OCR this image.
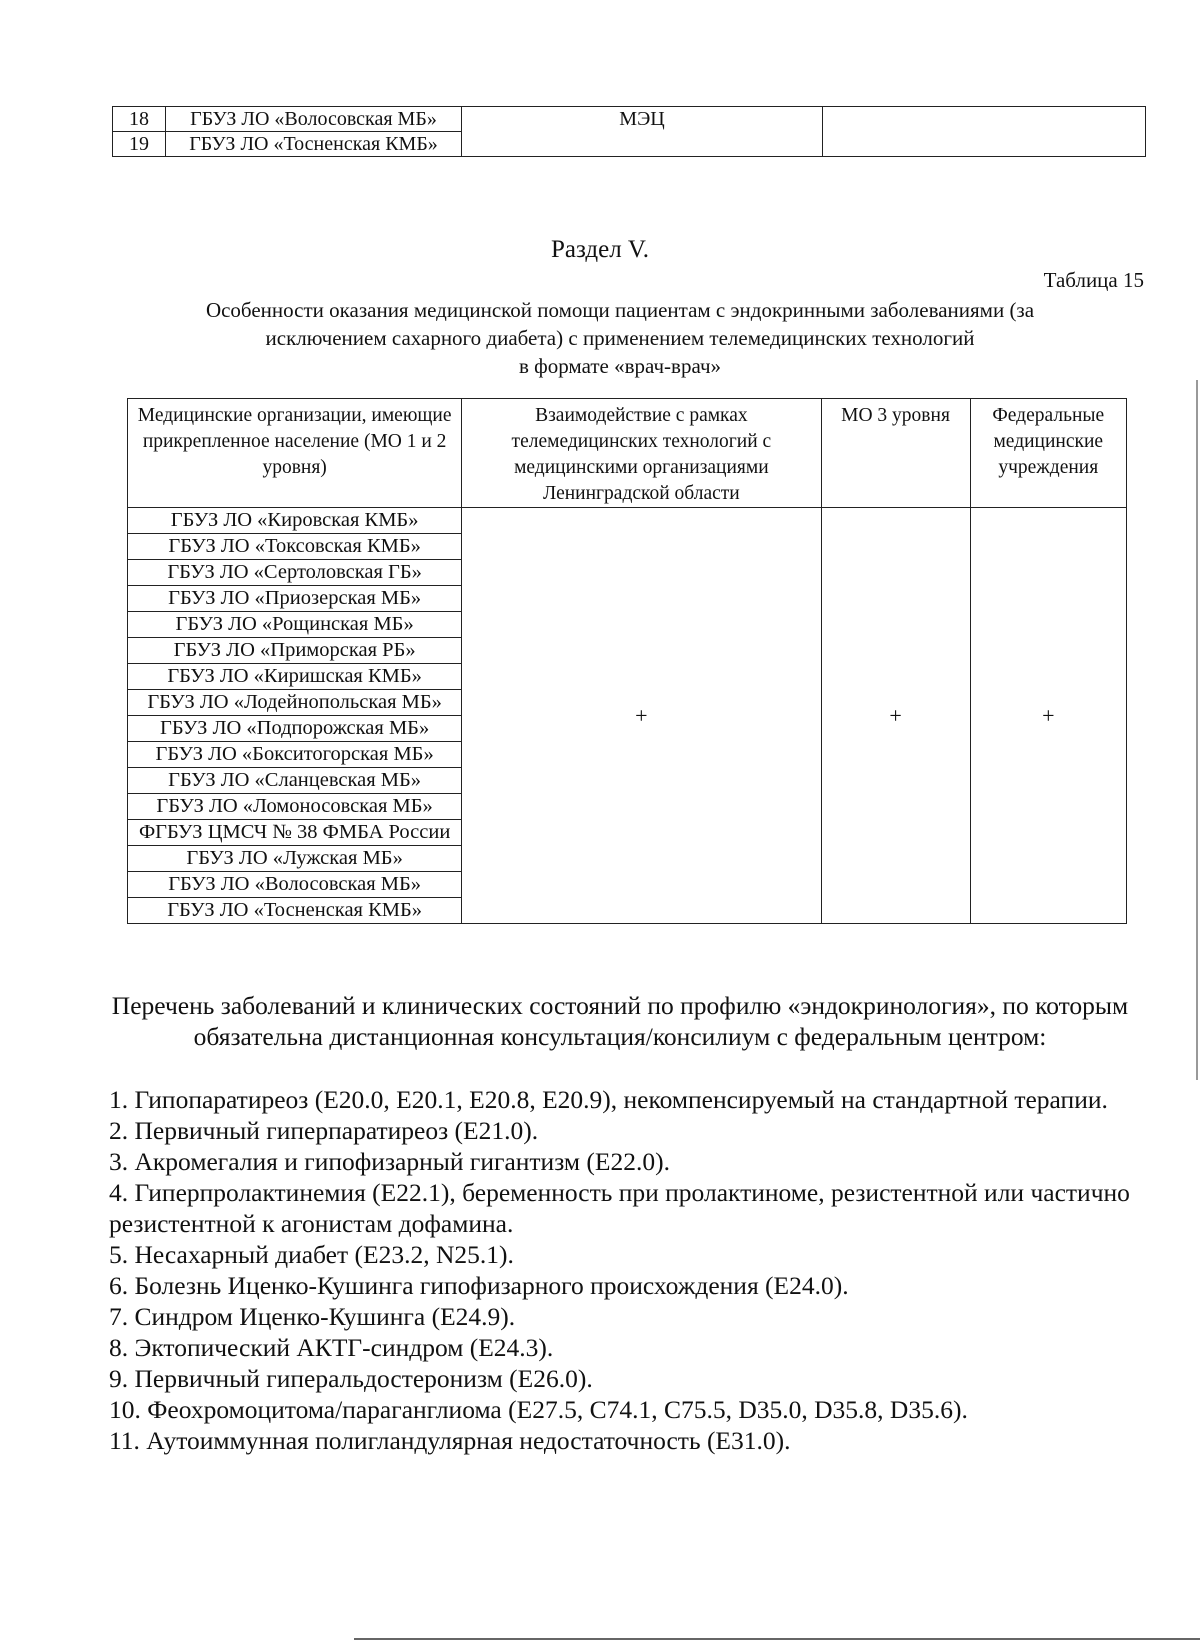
18	ГБУЗ ЛО «Волосовская МБ»	МЭЦ	
19	ГБУЗ ЛО «Тосненская КМБ»		
Раздел V.
Таблица 15
Особенности оказания медицинской помощи пациентам с эндокринными заболеваниями (за
исключением сахарного диабета) с применением телемедицинских технологий
в формате «врач-врач»
Медицинские организации, имеющие прикрепленное население (МО 1 и 2 уровня)	Взаимодействие с рамках телемедицинских технологий с медицинскими организациями Ленинградской области	МО 3 уровня	Федеральные медицинские учреждения
ГБУЗ ЛО «Кировская КМБ»	+	+	+
ГБУЗ ЛО «Токсовская КМБ»			
ГБУЗ ЛО «Сертоловская ГБ»			
ГБУЗ ЛО «Приозерская МБ»			
ГБУЗ ЛО «Рощинская МБ»			
ГБУЗ ЛО «Приморская РБ»			
ГБУЗ ЛО «Киришская КМБ»			
ГБУЗ ЛО «Лодейнопольская МБ»			
ГБУЗ ЛО «Подпорожская МБ»			
ГБУЗ ЛО «Бокситогорская МБ»			
ГБУЗ ЛО «Сланцевская МБ»			
ГБУЗ ЛО «Ломоносовская МБ»			
ФГБУЗ ЦМСЧ № 38 ФМБА России			
ГБУЗ ЛО «Лужская МБ»			
ГБУЗ ЛО «Волосовская МБ»			
ГБУЗ ЛО «Тосненская КМБ»			
Перечень заболеваний и клинических состояний по профилю «эндокринология», по которым обязательна дистанционная консультация/консилиум с федеральным центром:
1. Гипопаратиреоз (E20.0, E20.1, E20.8, E20.9), некомпенсируемый на стандартной терапии.
2. Первичный гиперпаратиреоз (E21.0).
3. Акромегалия и гипофизарный гигантизм (E22.0).
4. Гиперпролактинемия (E22.1), беременность при пролактиноме, резистентной или частично резистентной к агонистам дофамина.
5. Несахарный диабет (E23.2, N25.1).
6. Болезнь Иценко-Кушинга гипофизарного происхождения (E24.0).
7. Синдром Иценко-Кушинга (E24.9).
8. Эктопический АКТГ-синдром (E24.3).
9. Первичный гиперальдостеронизм (E26.0).
10. Феохромоцитома/параганглиома (E27.5, C74.1, C75.5, D35.0, D35.8, D35.6).
11. Аутоиммунная полигландулярная недостаточность (E31.0).
